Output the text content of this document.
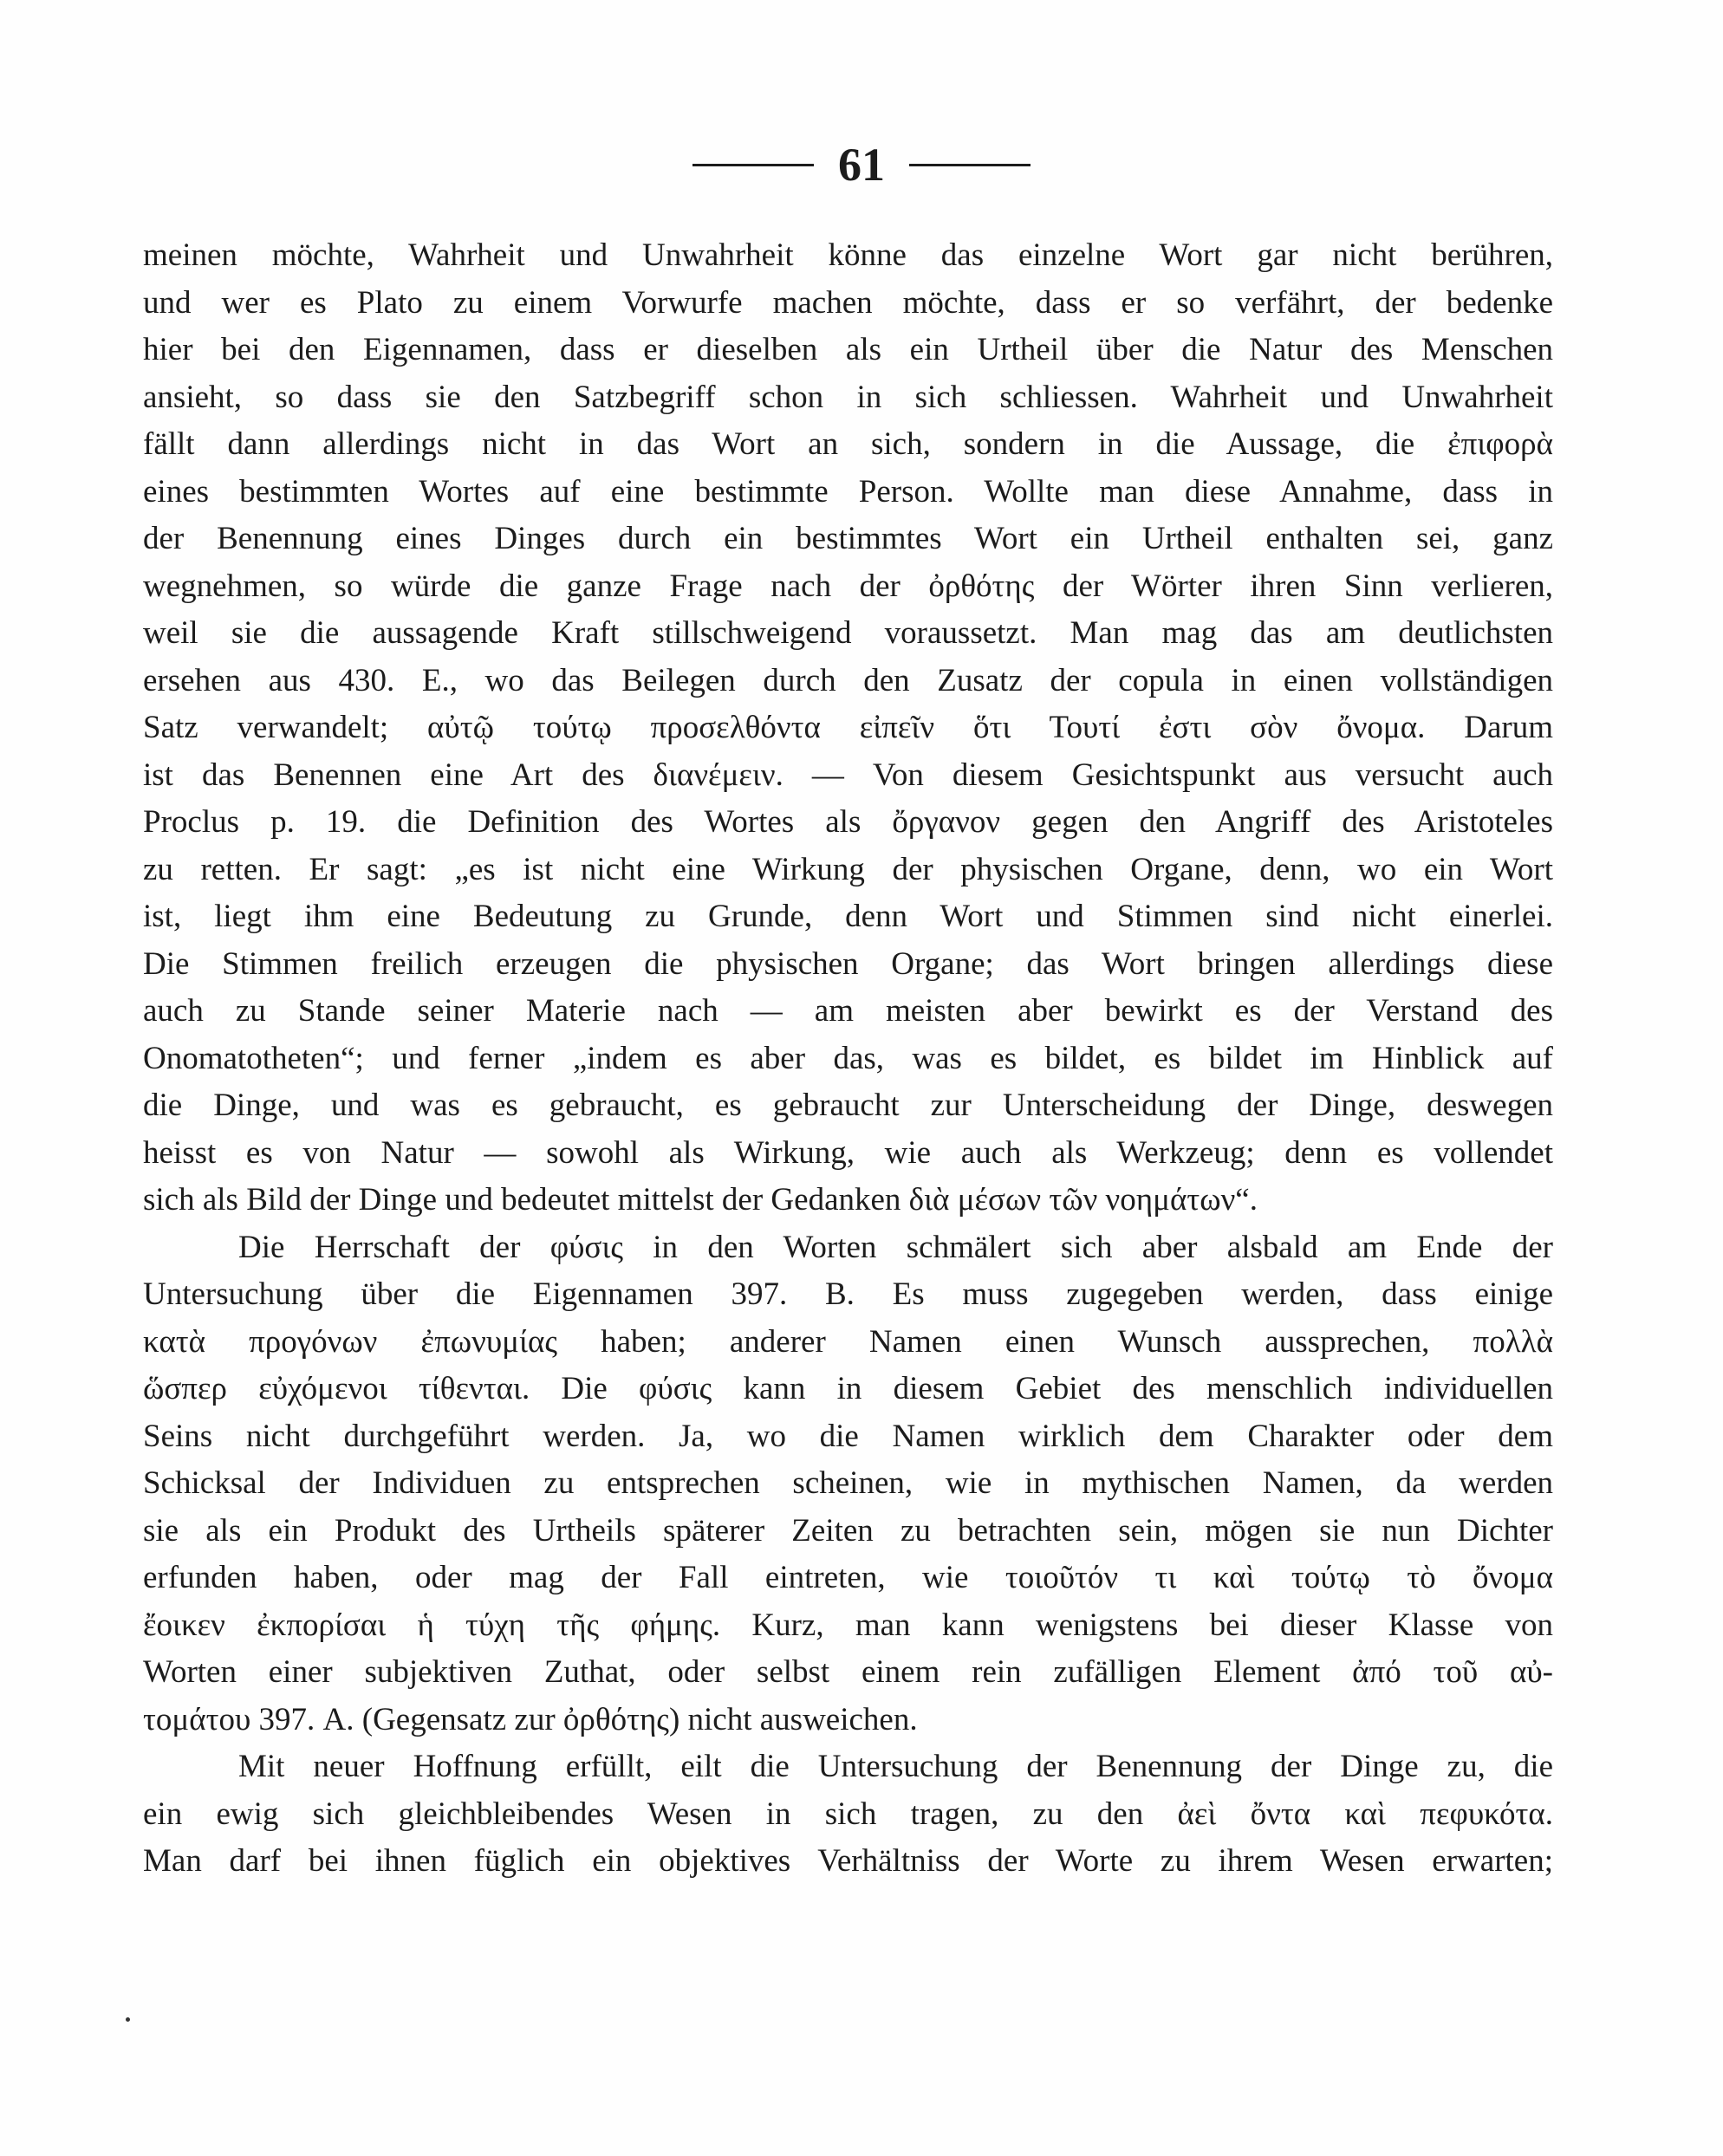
61
meinen möchte, Wahrheit und Unwahrheit könne das einzelne Wort gar nicht berühren,
und wer es Plato zu einem Vorwurfe machen möchte, dass er so verfährt, der bedenke
hier bei den Eigennamen, dass er dieselben als ein Urtheil über die Natur des Menschen
ansieht, so dass sie den Satzbegriff schon in sich schliessen. Wahrheit und Unwahrheit
fällt dann allerdings nicht in das Wort an sich, sondern in die Aussage, die ἐπιφορὰ
eines bestimmten Wortes auf eine bestimmte Person. Wollte man diese Annahme, dass in
der Benennung eines Dinges durch ein bestimmtes Wort ein Urtheil enthalten sei, ganz
wegnehmen, so würde die ganze Frage nach der ὀρθότης der Wörter ihren Sinn verlieren,
weil sie die aussagende Kraft stillschweigend voraussetzt. Man mag das am deutlichsten
ersehen aus 430. E., wo das Beilegen durch den Zusatz der copula in einen vollständigen
Satz verwandelt; αὐτῷ τούτῳ προσελθόντα εἰπεῖν ὅτι Τουτί ἐστι σὸν ὄνομα. Darum
ist das Benennen eine Art des διανέμειν. — Von diesem Gesichtspunkt aus versucht auch
Proclus p. 19. die Definition des Wortes als ὄργανον gegen den Angriff des Aristoteles
zu retten. Er sagt: „es ist nicht eine Wirkung der physischen Organe, denn, wo ein Wort
ist, liegt ihm eine Bedeutung zu Grunde, denn Wort und Stimmen sind nicht einerlei.
Die Stimmen freilich erzeugen die physischen Organe; das Wort bringen allerdings diese
auch zu Stande seiner Materie nach — am meisten aber bewirkt es der Verstand des
Onomatotheten“; und ferner „indem es aber das, was es bildet, es bildet im Hinblick auf
die Dinge, und was es gebraucht, es gebraucht zur Unterscheidung der Dinge, deswegen
heisst es von Natur — sowohl als Wirkung, wie auch als Werkzeug; denn es vollendet
sich als Bild der Dinge und bedeutet mittelst der Gedanken διὰ μέσων τῶν νοημάτων“.
Die Herrschaft der φύσις in den Worten schmälert sich aber alsbald am Ende der
Untersuchung über die Eigennamen 397. B. Es muss zugegeben werden, dass einige
κατὰ προγόνων ἐπωνυμίας haben; anderer Namen einen Wunsch aussprechen, πολλὰ
ὥσπερ εὐχόμενοι τίθενται. Die φύσις kann in diesem Gebiet des menschlich individuellen
Seins nicht durchgeführt werden. Ja, wo die Namen wirklich dem Charakter oder dem
Schicksal der Individuen zu entsprechen scheinen, wie in mythischen Namen, da werden
sie als ein Produkt des Urtheils späterer Zeiten zu betrachten sein, mögen sie nun Dichter
erfunden haben, oder mag der Fall eintreten, wie τοιοῦτόν τι καὶ τούτῳ τὸ ὄνομα
ἔοικεν ἐκπορίσαι ἡ τύχη τῆς φήμης. Kurz, man kann wenigstens bei dieser Klasse von
Worten einer subjektiven Zuthat, oder selbst einem rein zufälligen Element ἀπό τοῦ αὐ-
τομάτου 397. A. (Gegensatz zur ὀρθότης) nicht ausweichen.
Mit neuer Hoffnung erfüllt, eilt die Untersuchung der Benennung der Dinge zu, die
ein ewig sich gleichbleibendes Wesen in sich tragen, zu den ἀεὶ ὄντα καὶ πεφυκότα.
Man darf bei ihnen füglich ein objektives Verhältniss der Worte zu ihrem Wesen erwarten;
